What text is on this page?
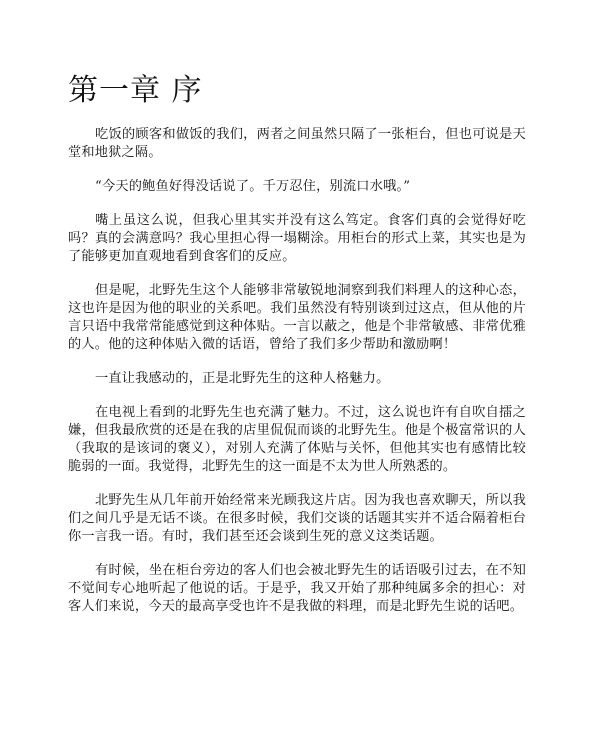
第一章 序

吃饭的顾客和做饭的我们，两者之间虽然只隔了一张柜台，但也可说是天堂和地狱之隔。

“今天的鲍鱼好得没话说了。千万忍住，别流口水哦。”

嘴上虽这么说，但我心里其实并没有这么笃定。食客们真的会觉得好吃吗？真的会满意吗？我心里担心得一塌糊涂。用柜台的形式上菜，其实也是为了能够更加直观地看到食客们的反应。

但是呢，北野先生这个人能够非常敏锐地洞察到我们料理人的这种心态，这也许是因为他的职业的关系吧。我们虽然没有特别谈到过这点，但从他的片言只语中我常常能感觉到这种体贴。一言以蔽之，他是个非常敏感、非常优雅的人。他的这种体贴入微的话语，曾给了我们多少帮助和激励啊！

一直让我感动的，正是北野先生的这种人格魅力。

在电视上看到的北野先生也充满了魅力。不过，这么说也许有自吹自擂之嫌，但我最欣赏的还是在我的店里侃侃而谈的北野先生。他是个极富常识的人（我取的是该词的褒义），对别人充满了体贴与关怀，但他其实也有感情比较脆弱的一面。我觉得，北野先生的这一面是不太为世人所熟悉的。

北野先生从几年前开始经常来光顾我这片店。因为我也喜欢聊天，所以我们之间几乎是无话不谈。在很多时候，我们交谈的话题其实并不适合隔着柜台你一言我一语。有时，我们甚至还会谈到生死的意义这类话题。

有时候，坐在柜台旁边的客人们也会被北野先生的话语吸引过去，在不知不觉间专心地听起了他说的话。于是乎，我又开始了那种纯属多余的担心：对客人们来说，今天的最高享受也许不是我做的料理，而是北野先生说的话吧。
